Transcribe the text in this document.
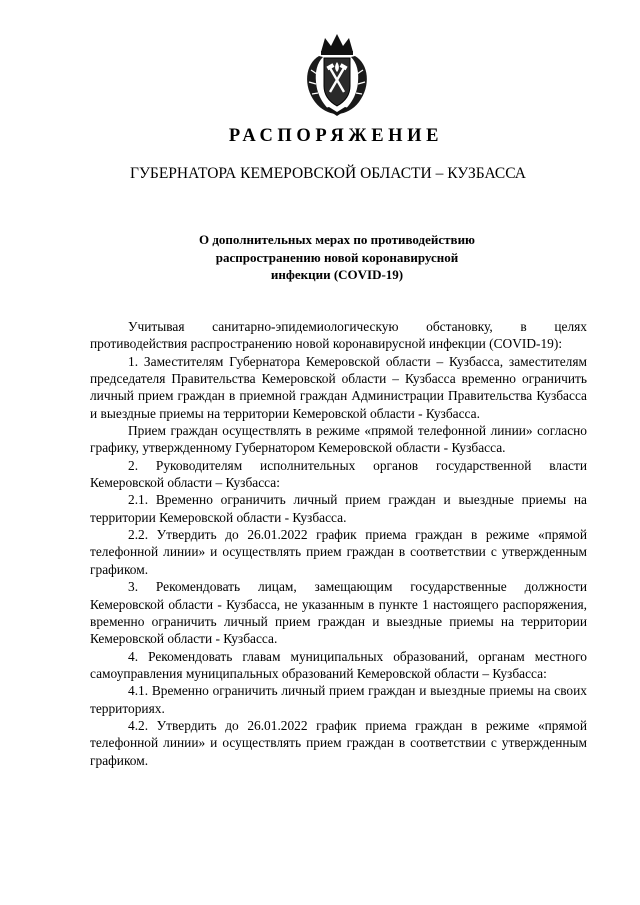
РАСПОРЯЖЕНИЕ
ГУБЕРНАТОРА КЕМЕРОВСКОЙ ОБЛАСТИ – КУЗБАССА
О дополнительных мерах по противодействию
распространению новой коронавирусной
инфекции (COVID-19)

Учитывая санитарно-эпидемиологическую обстановку, в целях противодействия распространению новой коронавирусной инфекции (COVID-19):

1. Заместителям Губернатора Кемеровской области – Кузбасса, заместителям председателя Правительства Кемеровской области – Кузбасса временно ограничить личный прием граждан в приемной граждан Администрации Правительства Кузбасса и выездные приемы на территории Кемеровской области - Кузбасса.

Прием граждан осуществлять в режиме «прямой телефонной линии» согласно графику, утвержденному Губернатором Кемеровской области - Кузбасса.

2. Руководителям исполнительных органов государственной власти Кемеровской области – Кузбасса:

2.1. Временно ограничить личный прием граждан и выездные приемы на территории Кемеровской области - Кузбасса.

2.2. Утвердить до 26.01.2022 график приема граждан в режиме «прямой телефонной линии» и осуществлять прием граждан в соответствии с утвержденным графиком.

3. Рекомендовать лицам, замещающим государственные должности Кемеровской области - Кузбасса, не указанным в пункте 1 настоящего распоряжения, временно ограничить личный прием граждан и выездные приемы на территории Кемеровской области - Кузбасса.

4. Рекомендовать главам муниципальных образований, органам местного самоуправления муниципальных образований Кемеровской области – Кузбасса:

4.1. Временно ограничить личный прием граждан и выездные приемы на своих территориях.

4.2. Утвердить до 26.01.2022 график приема граждан в режиме «прямой телефонной линии» и осуществлять прием граждан в соответствии с утвержденным графиком.
